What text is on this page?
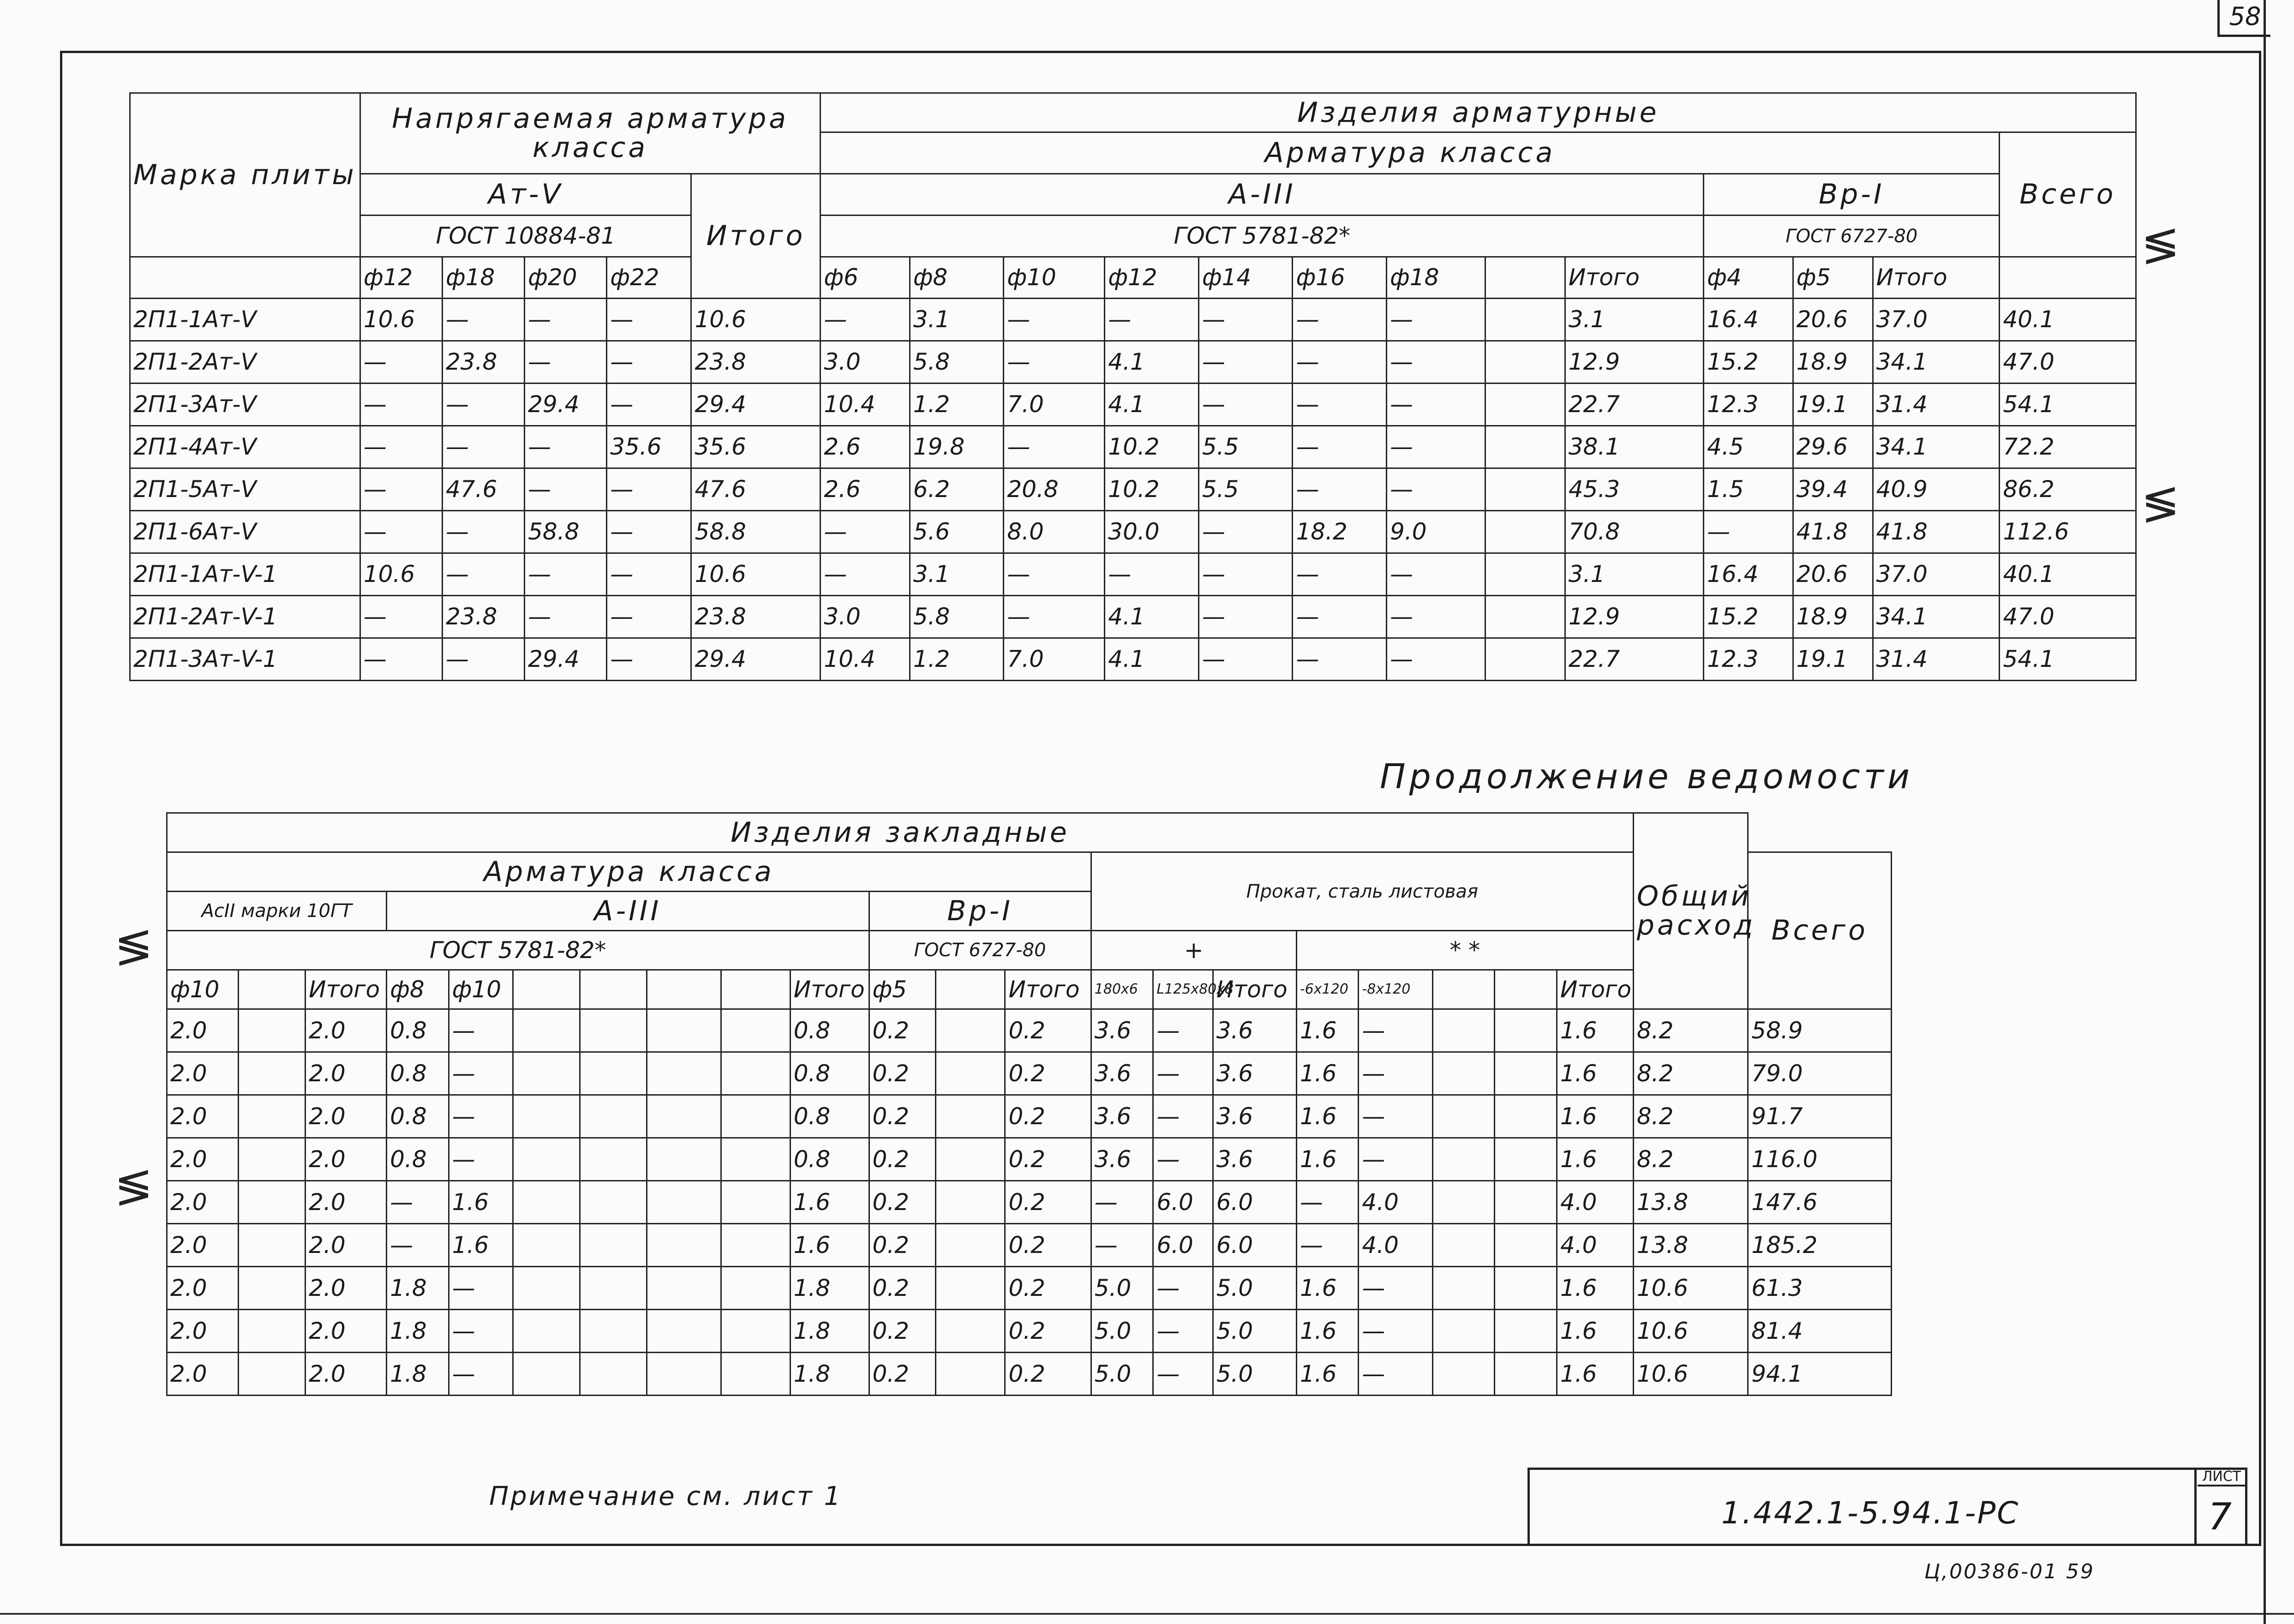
58
Марка плиты	Напрягаемая арматура класса					Изделия арматурные												
						Арматура класса												Всего
	Ат-V				Итого	А-III									Вр-I			
	ГОСТ 10884-81					ГОСТ 5781-82*									ГОСТ 6727-80			
	ф12	ф18	ф20	ф22		ф6	ф8	ф10	ф12	ф14	ф16	ф18		Итого	ф4	ф5	Итого	
2П1-1Ат-V	10.6	—	—	—	10.6	—	3.1	—	—	—	—	—		3.1	16.4	20.6	37.0	40.1
2П1-2Ат-V	—	23.8	—	—	23.8	3.0	5.8	—	4.1	—	—	—		12.9	15.2	18.9	34.1	47.0
2П1-3Ат-V	—	—	29.4	—	29.4	10.4	1.2	7.0	4.1	—	—	—		22.7	12.3	19.1	31.4	54.1
2П1-4Ат-V	—	—	—	35.6	35.6	2.6	19.8	—	10.2	5.5	—	—		38.1	4.5	29.6	34.1	72.2
2П1-5Ат-V	—	47.6	—	—	47.6	2.6	6.2	20.8	10.2	5.5	—	—		45.3	1.5	39.4	40.9	86.2
2П1-6Ат-V	—	—	58.8	—	58.8	—	5.6	8.0	30.0	—	18.2	9.0		70.8	—	41.8	41.8	112.6
2П1-1Ат-V-1	10.6	—	—	—	10.6	—	3.1	—	—	—	—	—		3.1	16.4	20.6	37.0	40.1
2П1-2Ат-V-1	—	23.8	—	—	23.8	3.0	5.8	—	4.1	—	—	—		12.9	15.2	18.9	34.1	47.0
2П1-3Ат-V-1	—	—	29.4	—	29.4	10.4	1.2	7.0	4.1	—	—	—		22.7	12.3	19.1	31.4	54.1
≶
≶
Продолжение ведомости
Изделия закладные																					Общий расход	
Арматура класса													Прокат, сталь листовая									Всего
АсII марки 10ГТ			А-III							Вр-I												
ГОСТ 5781-82*										ГОСТ 6727-80			+			* *						
ф10		Итого	ф8	ф10					Итого	ф5		Итого	180х6	L125х80х8	Итого	-6х120	-8х120			Итого		
2.0		2.0	0.8	—					0.8	0.2		0.2	3.6	—	3.6	1.6	—			1.6	8.2	58.9
2.0		2.0	0.8	—					0.8	0.2		0.2	3.6	—	3.6	1.6	—			1.6	8.2	79.0
2.0		2.0	0.8	—					0.8	0.2		0.2	3.6	—	3.6	1.6	—			1.6	8.2	91.7
2.0		2.0	0.8	—					0.8	0.2		0.2	3.6	—	3.6	1.6	—			1.6	8.2	116.0
2.0		2.0	—	1.6					1.6	0.2		0.2	—	6.0	6.0	—	4.0			4.0	13.8	147.6
2.0		2.0	—	1.6					1.6	0.2		0.2	—	6.0	6.0	—	4.0			4.0	13.8	185.2
2.0		2.0	1.8	—					1.8	0.2		0.2	5.0	—	5.0	1.6	—			1.6	10.6	61.3
2.0		2.0	1.8	—					1.8	0.2		0.2	5.0	—	5.0	1.6	—			1.6	10.6	81.4
2.0		2.0	1.8	—					1.8	0.2		0.2	5.0	—	5.0	1.6	—			1.6	10.6	94.1
≶
≶
Примечание см. лист 1	1.442.1-5.94.1-РС
ЛИСТ
7
Ц,00386-01 59
